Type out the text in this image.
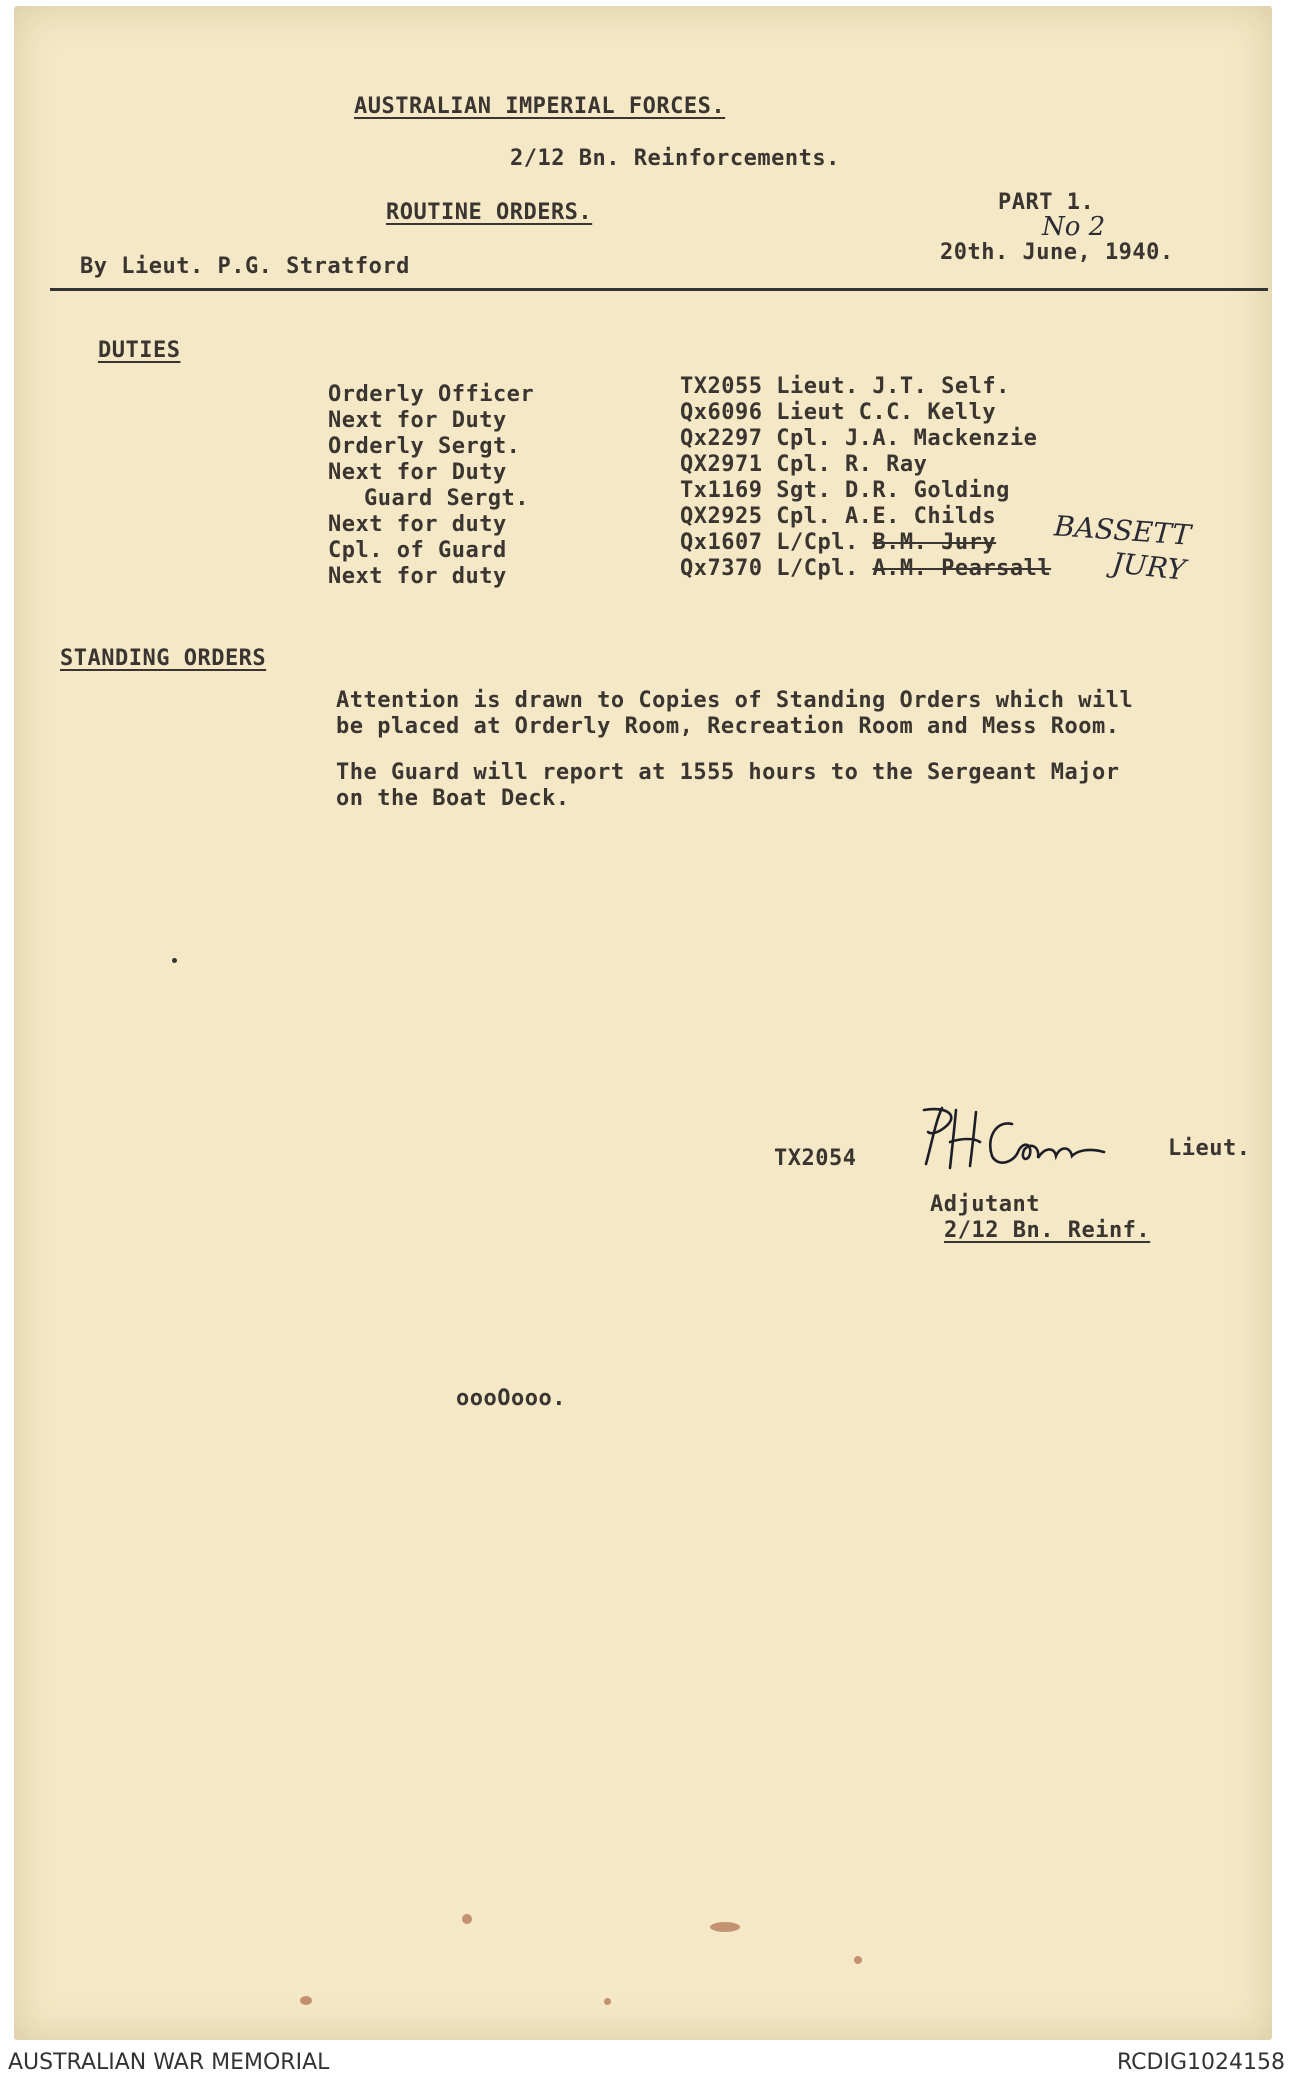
AUSTRALIAN IMPERIAL FORCES.
2/12 Bn. Reinforcements.
ROUTINE ORDERS.	PART 1.
No 2
By Lieut. P.G. Stratford
20th. June, 1940.
DUTIES
Orderly Officer	TX2055 Lieut. J.T. Self.
Next for Duty	Qx6096 Lieut C.C. Kelly
Orderly Sergt.	Qx2297 Cpl. J.A. Mackenzie
Next for Duty	QX2971 Cpl. R. Ray
Guard Sergt.	Tx1169 Sgt. D.R. Golding
Next for duty	QX2925 Cpl. A.E. Childs
Cpl. of Guard	Qx1607 L/Cpl. B.M. Jury
Next for duty	Qx7370 L/Cpl. A.M. Pearsall
BASSETT
JURY
STANDING ORDERS
Attention is drawn to Copies of Standing Orders which will
be placed at Orderly Room, Recreation Room and Mess Room.
The Guard will report at 1555 hours to the Sergeant Major
on the Boat Deck.
TX2054	Lieut.
Adjutant
2/12 Bn. Reinf.
oooOooo.
AUSTRALIAN WAR MEMORIAL	RCDIG1024158
